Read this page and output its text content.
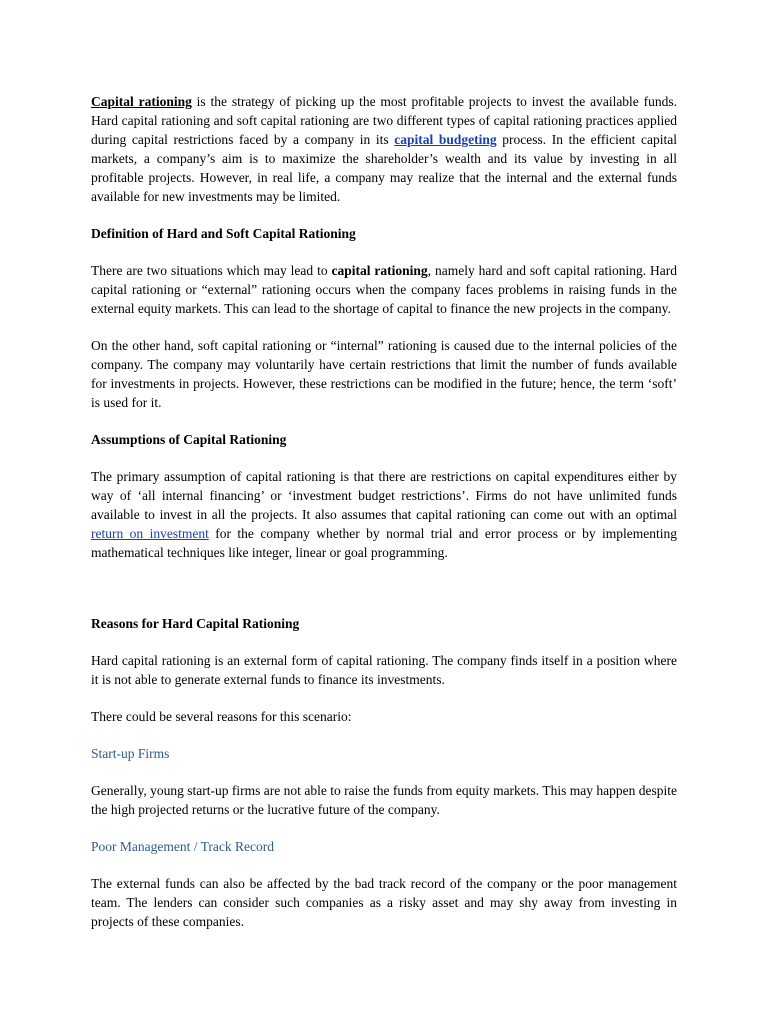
Capital rationing is the strategy of picking up the most profitable projects to invest the available funds. Hard capital rationing and soft capital rationing are two different types of capital rationing practices applied during capital restrictions faced by a company in its capital budgeting process. In the efficient capital markets, a company’s aim is to maximize the shareholder’s wealth and its value by investing in all profitable projects. However, in real life, a company may realize that the internal and the external funds available for new investments may be limited.

Definition of Hard and Soft Capital Rationing

There are two situations which may lead to capital rationing, namely hard and soft capital rationing. Hard capital rationing or “external” rationing occurs when the company faces problems in raising funds in the external equity markets. This can lead to the shortage of capital to finance the new projects in the company.

On the other hand, soft capital rationing or “internal” rationing is caused due to the internal policies of the company. The company may voluntarily have certain restrictions that limit the number of funds available for investments in projects. However, these restrictions can be modified in the future; hence, the term ‘soft’ is used for it.

Assumptions of Capital Rationing

The primary assumption of capital rationing is that there are restrictions on capital expenditures either by way of ‘all internal financing’ or ‘investment budget restrictions’. Firms do not have unlimited funds available to invest in all the projects. It also assumes that capital rationing can come out with an optimal return on investment for the company whether by normal trial and error process or by implementing mathematical techniques like integer, linear or goal programming.

Reasons for Hard Capital Rationing

Hard capital rationing is an external form of capital rationing. The company finds itself in a position where it is not able to generate external funds to finance its investments.

There could be several reasons for this scenario:

Start-up Firms

Generally, young start-up firms are not able to raise the funds from equity markets. This may happen despite the high projected returns or the lucrative future of the company.

Poor Management / Track Record

The external funds can also be affected by the bad track record of the company or the poor management team. The lenders can consider such companies as a risky asset and may shy away from investing in projects of these companies.
